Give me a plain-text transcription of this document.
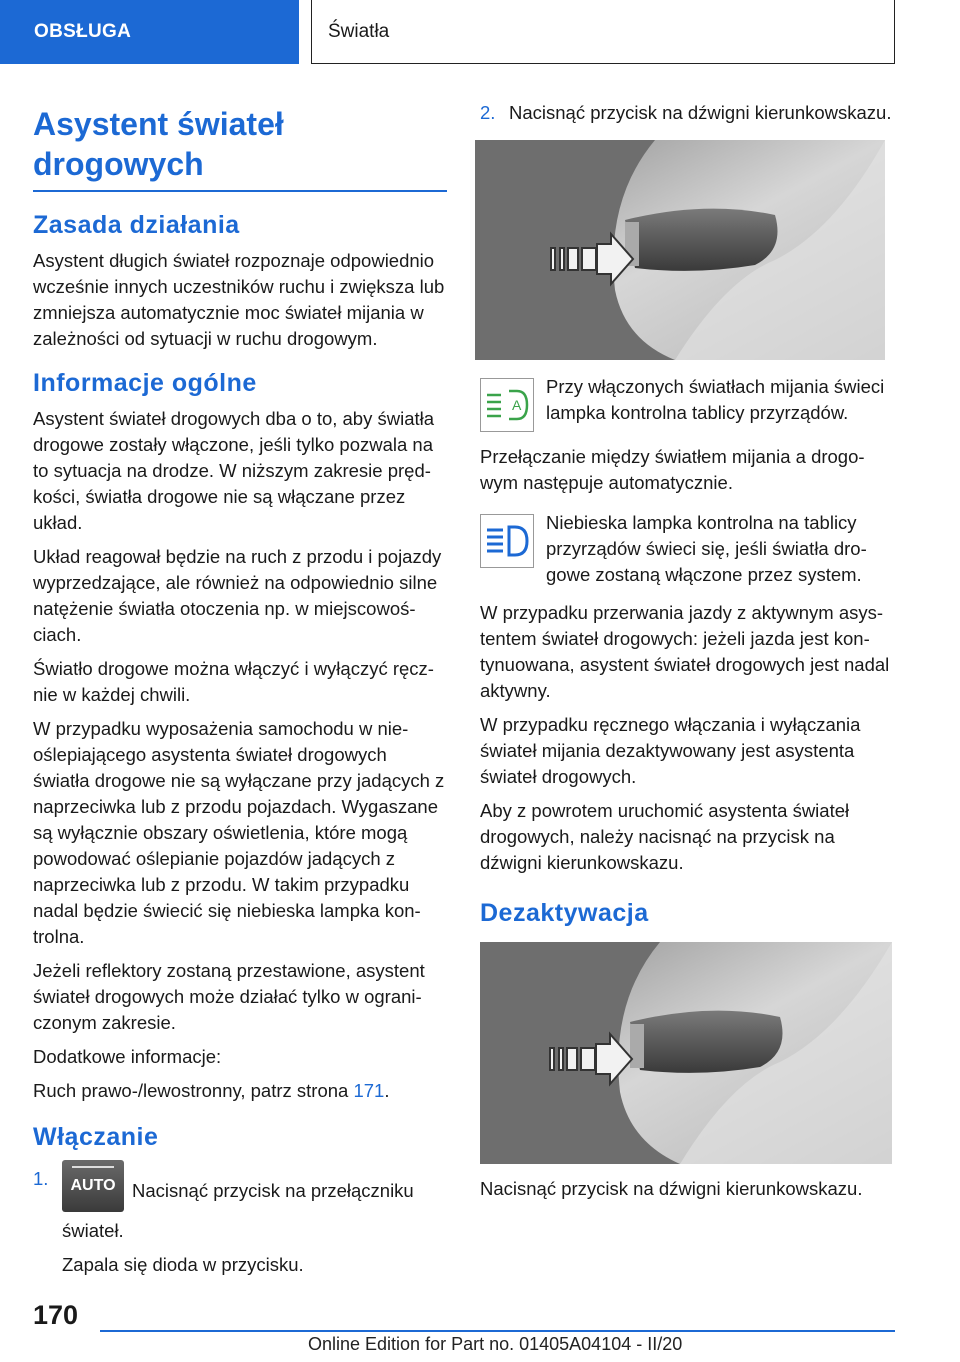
OBSŁUGA	Światła
Asystent świateł
drogowych
Zasada działania

Asystent długich świateł rozpoznaje odpowiednio wcześnie innych uczestników ruchu i zwiększa lub zmniejsza automatycznie moc świateł mijania w zależności od sytuacji w ruchu drogowym.

Informacje ogólne

Asystent świateł drogowych dba o to, aby światła drogowe zostały włączone, jeśli tylko pozwala na to sytuacja na drodze. W niższym zakresie prędkości, światła drogowe nie są włączane przez układ.

Układ reagował będzie na ruch z przodu i pojazdy wyprzedzające, ale również na odpowiednio silne natężenie światła otoczenia np. w miejscowościach.

Światło drogowe można włączyć i wyłączyć ręcznie w każdej chwili.

W przypadku wyposażenia samochodu w nieoślepiającego asystenta świateł drogowych światła drogowe nie są wyłączane przy jadących z naprzeciwka lub z przodu pojazdach. Wygaszane są wyłącznie obszary oświetlenia, które mogą powodować oślepianie pojazdów jadących z naprzeciwka lub z przodu. W takim przypadku nadal będzie świecić się niebieska lampka kontrolna.

Jeżeli reflektory zostaną przestawione, asystent świateł drogowych może działać tylko w ograniczonym zakresie.

Dodatkowe informacje:

Ruch prawo-/lewostronny, patrz strona 171.

Włączanie
1.	AUTO Nacisnąć przycisk na przełączniku świateł.
Zapala się dioda w przycisku.
2. Nacisnąć przycisk na dźwigni kierunkowskazu.
A

Przy włączonych światłach mijania świeci lampka kontrolna tablicy przyrządów.

Przełączanie między światłem mijania a drogowym następuje automatycznie.

Niebieska lampka kontrolna na tablicy przyrządów świeci się, jeśli światła drogowe zostaną włączone przez system.

W przypadku przerwania jazdy z aktywnym asystentem świateł drogowych: jeżeli jazda jest kontynuowana, asystent świateł drogowych jest nadal aktywny.

W przypadku ręcznego włączania i wyłączania świateł mijania dezaktywowany jest asystenta świateł drogowych.

Aby z powrotem uruchomić asystenta świateł drogowych, należy nacisnąć na przycisk na dźwigni kierunkowskazu.

Dezaktywacja

Nacisnąć przycisk na dźwigni kierunkowskazu.

170
Online Edition for Part no. 01405A04104 - II/20
